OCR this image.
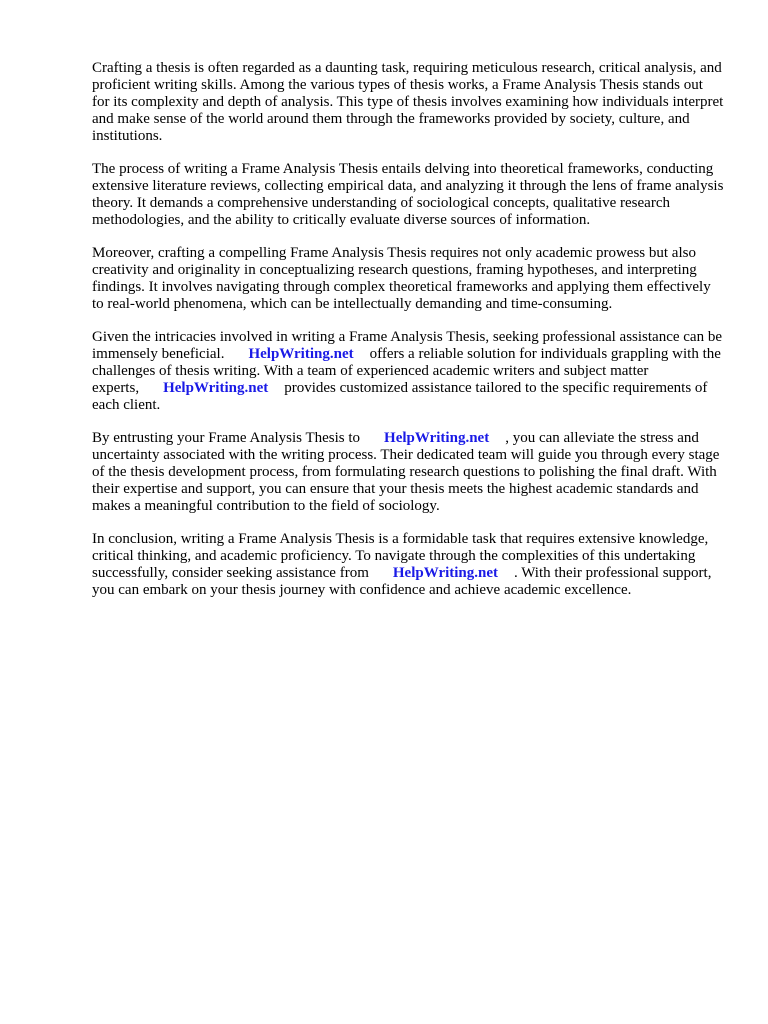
Crafting a thesis is often regarded as a daunting task, requiring meticulous research, critical analysis, and proficient writing skills. Among the various types of thesis works, a Frame Analysis Thesis stands out for its complexity and depth of analysis. This type of thesis involves examining how individuals interpret and make sense of the world around them through the frameworks provided by society, culture, and institutions.

The process of writing a Frame Analysis Thesis entails delving into theoretical frameworks, conducting extensive literature reviews, collecting empirical data, and analyzing it through the lens of frame analysis theory. It demands a comprehensive understanding of sociological concepts, qualitative research methodologies, and the ability to critically evaluate diverse sources of information.

Moreover, crafting a compelling Frame Analysis Thesis requires not only academic prowess but also creativity and originality in conceptualizing research questions, framing hypotheses, and interpreting findings. It involves navigating through complex theoretical frameworks and applying them effectively to real-world phenomena, which can be intellectually demanding and time-consuming.

Given the intricacies involved in writing a Frame Analysis Thesis, seeking professional assistance can be immensely beneficial. HelpWriting.net offers a reliable solution for individuals grappling with the challenges of thesis writing. With a team of experienced academic writers and subject matter experts, HelpWriting.net provides customized assistance tailored to the specific requirements of each client.

By entrusting your Frame Analysis Thesis to HelpWriting.net , you can alleviate the stress and uncertainty associated with the writing process. Their dedicated team will guide you through every stage of the thesis development process, from formulating research questions to polishing the final draft. With their expertise and support, you can ensure that your thesis meets the highest academic standards and makes a meaningful contribution to the field of sociology.

In conclusion, writing a Frame Analysis Thesis is a formidable task that requires extensive knowledge, critical thinking, and academic proficiency. To navigate through the complexities of this undertaking successfully, consider seeking assistance from HelpWriting.net . With their professional support, you can embark on your thesis journey with confidence and achieve academic excellence.
